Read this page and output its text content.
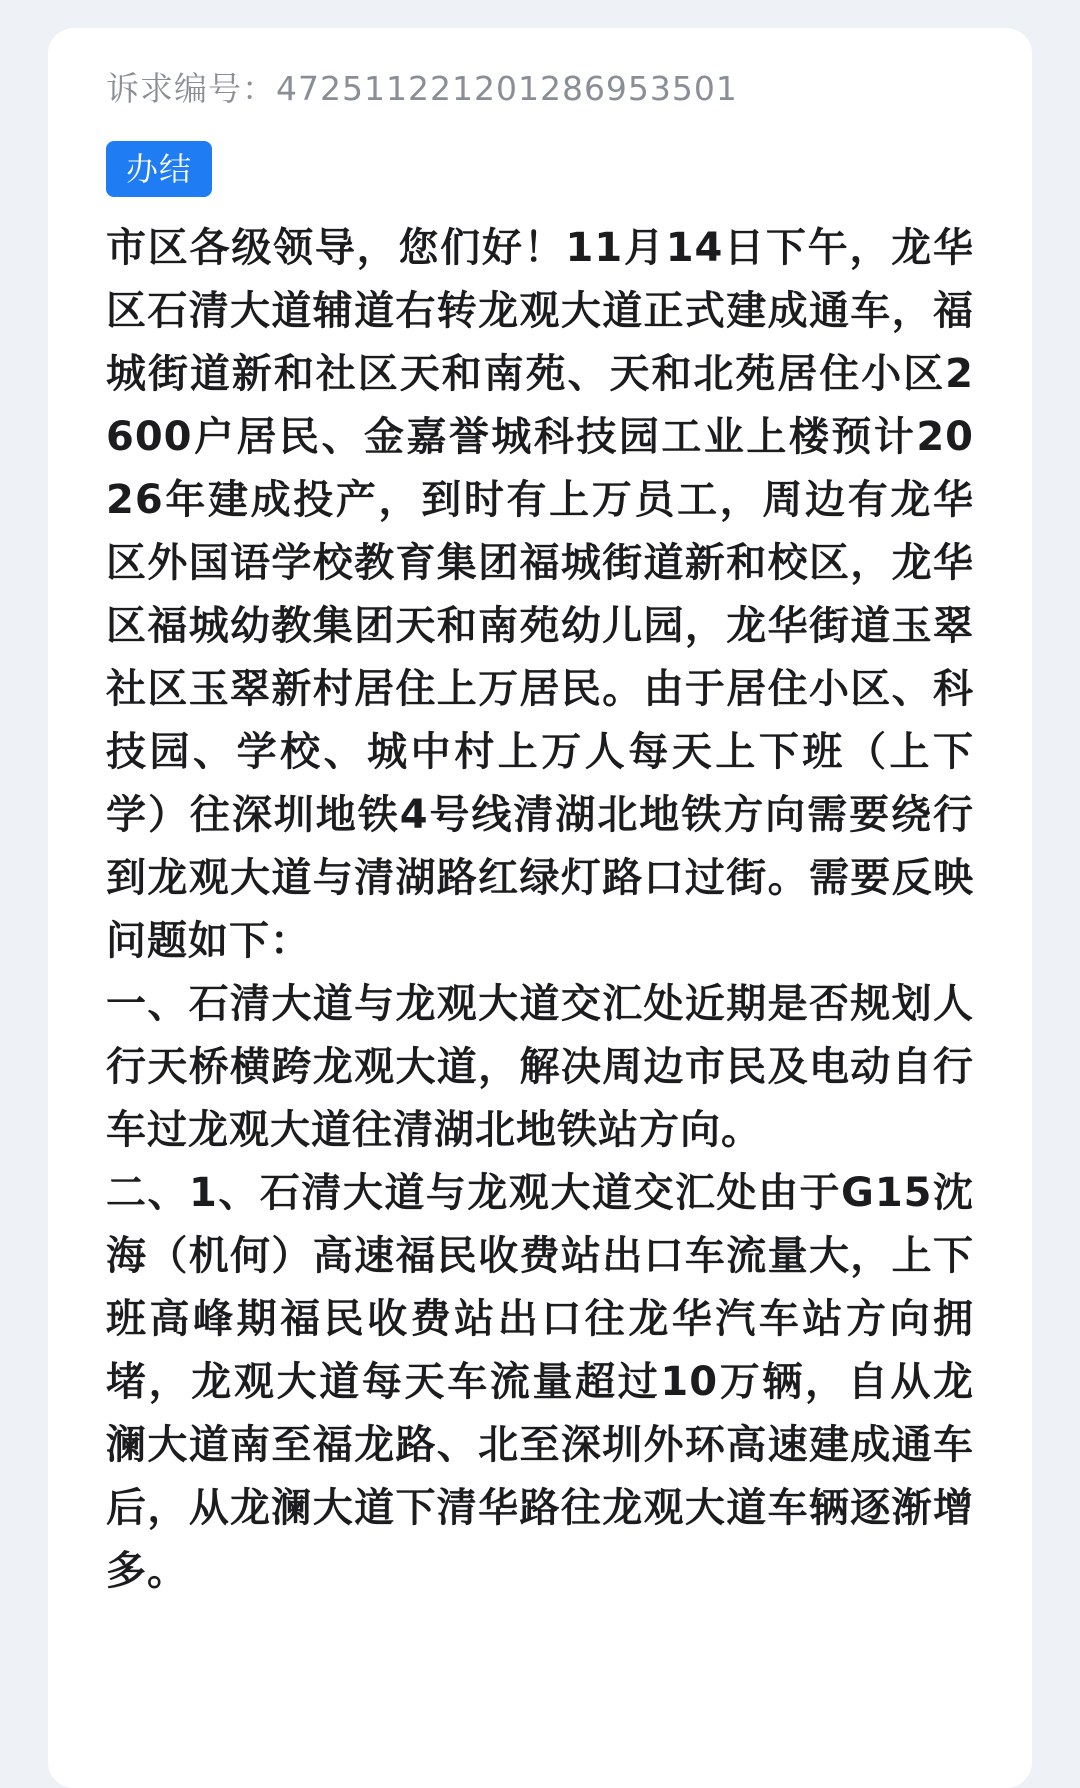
诉求编号：472511221201286953501
办结

市区各级领导，您们好！11月14日下午，龙华区石清大道辅道右转龙观大道正式建成通车，福城街道新和社区天和南苑、天和北苑居住小区2600户居民、金嘉誉城科技园工业上楼预计2026年建成投产，到时有上万员工，周边有龙华区外国语学校教育集团福城街道新和校区，龙华区福城幼教集团天和南苑幼儿园，龙华街道玉翠社区玉翠新村居住上万居民。由于居住小区、科技园、学校、城中村上万人每天上下班（上下学）往深圳地铁4号线清湖北地铁方向需要绕行到龙观大道与清湖路红绿灯路口过街。需要反映问题如下：

一、石清大道与龙观大道交汇处近期是否规划人行天桥横跨龙观大道，解决周边市民及电动自行车过龙观大道往清湖北地铁站方向。

二、1、石清大道与龙观大道交汇处由于G15沈海（机何）高速福民收费站出口车流量大，上下班高峰期福民收费站出口往龙华汽车站方向拥堵，龙观大道每天车流量超过10万辆，自从龙澜大道南至福龙路、北至深圳外环高速建成通车后，从龙澜大道下清华路往龙观大道车辆逐渐增多。
